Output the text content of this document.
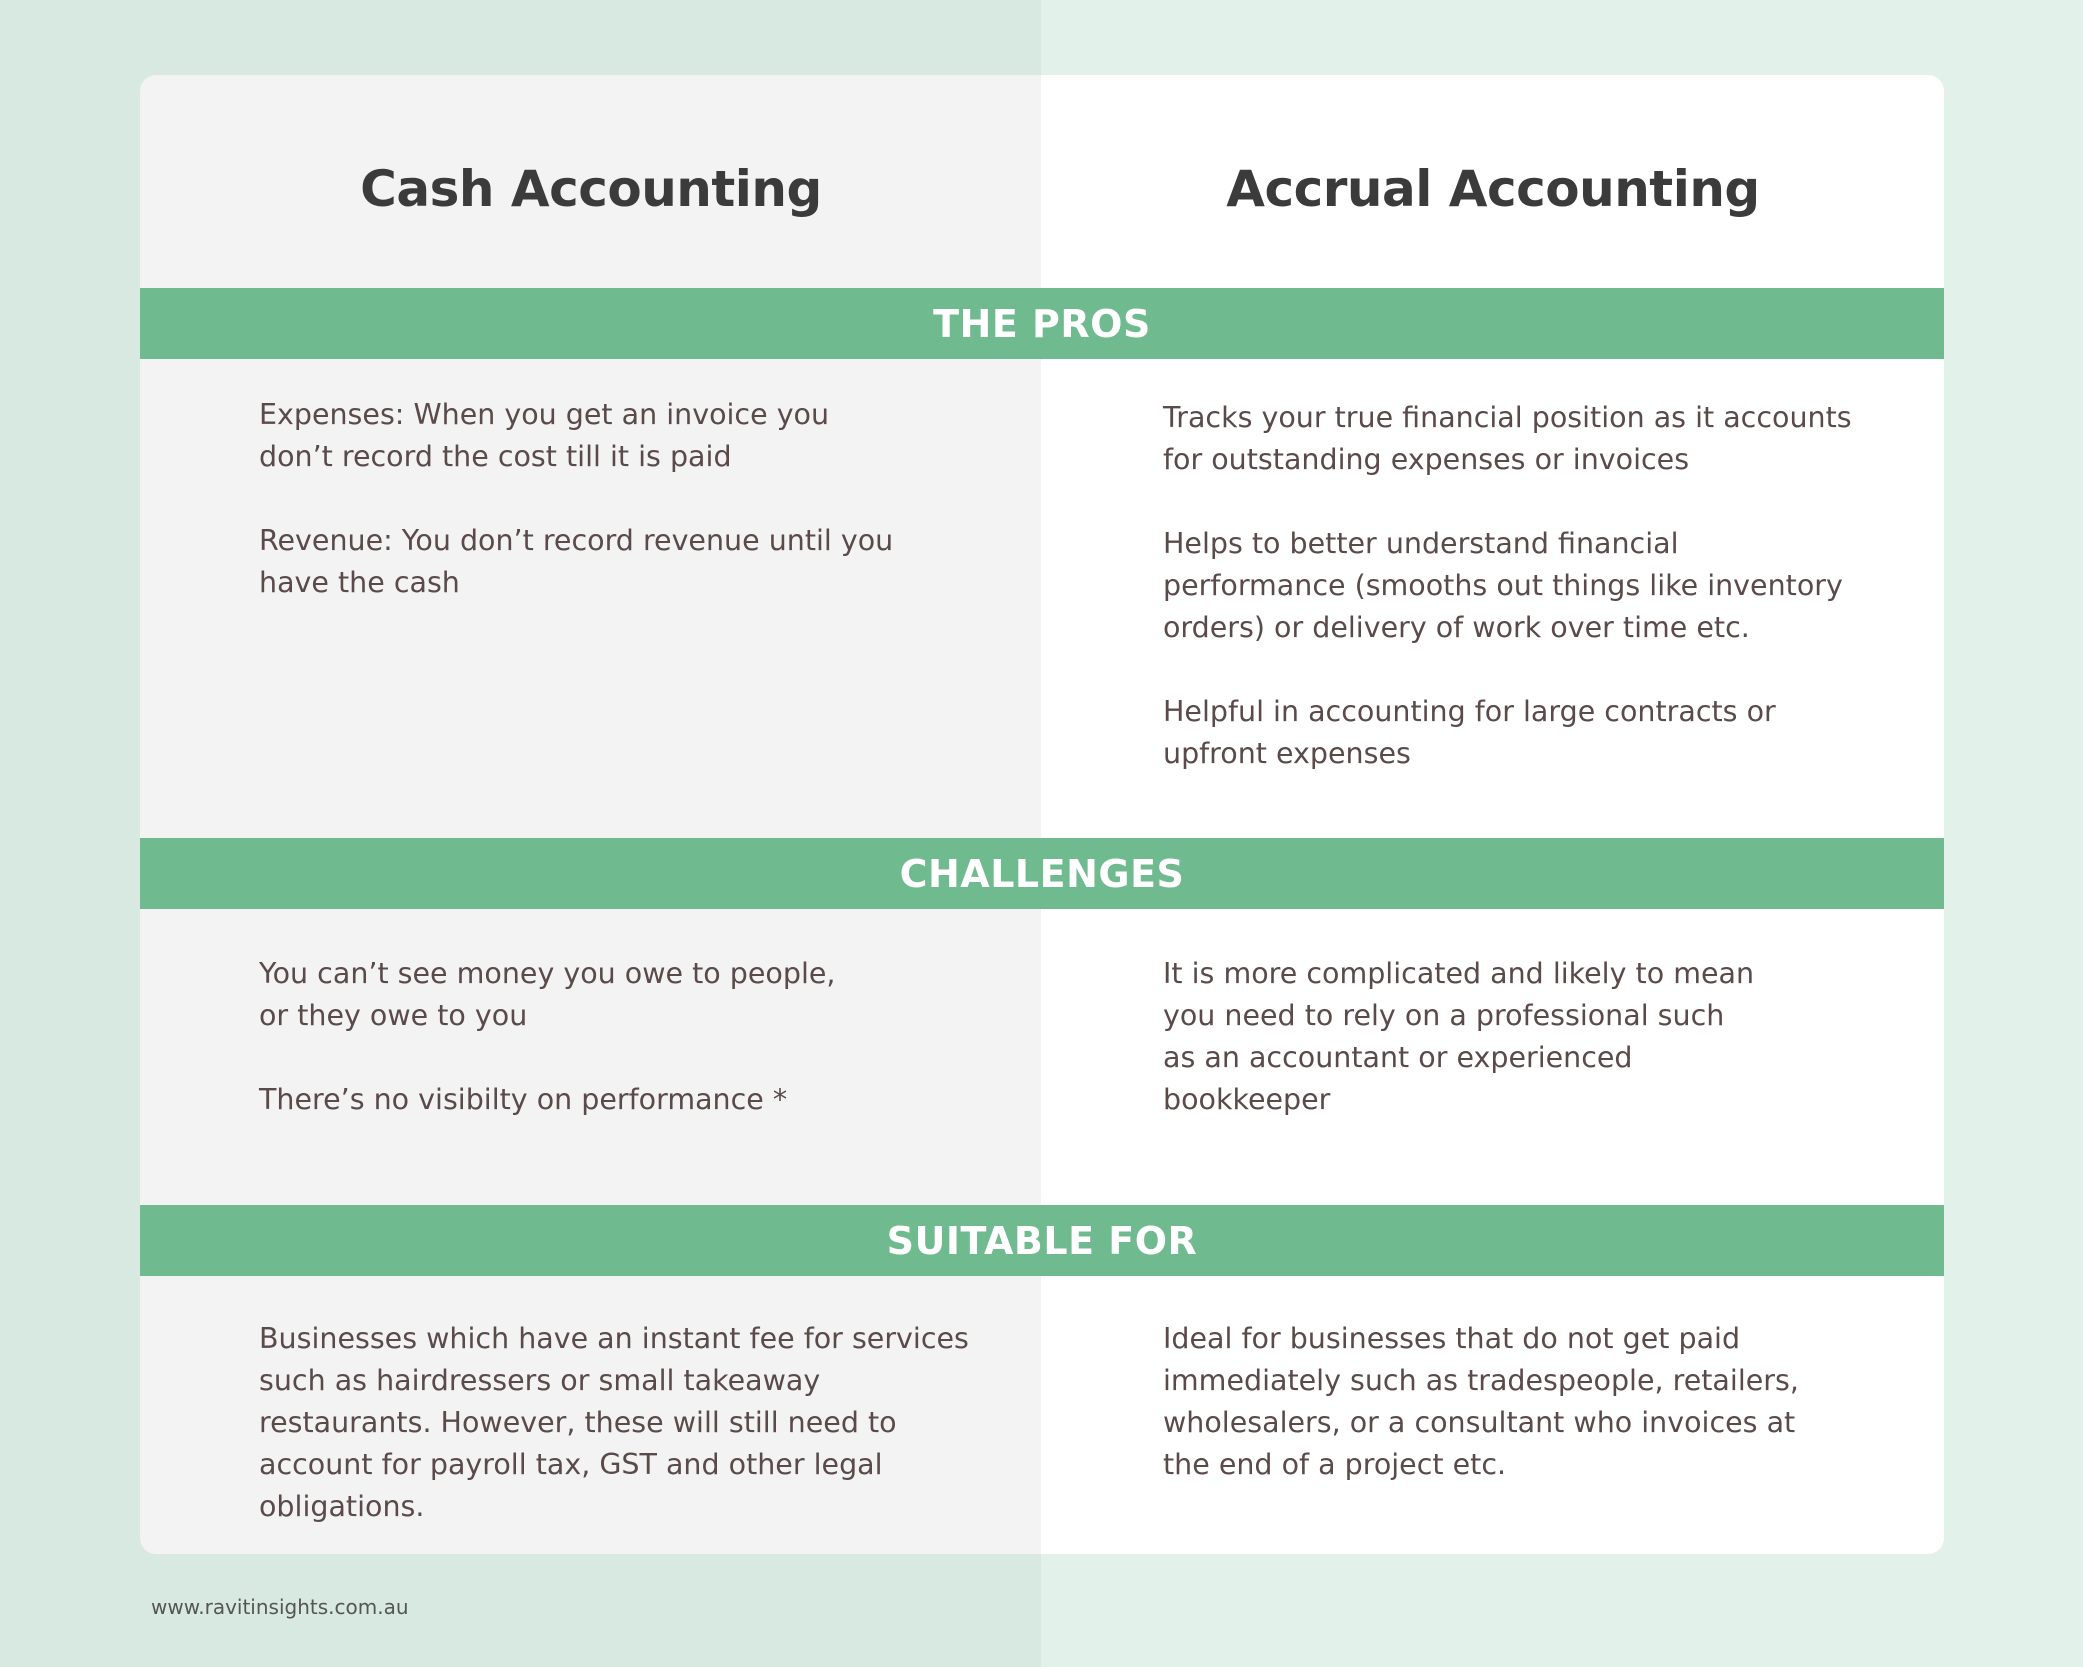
Cash Accounting	Accrual Accounting
THE PROS

Expenses: When you get an invoice you don’t record the cost till it is paid

Revenue: You don’t record revenue until you have the cash

Tracks your true financial position as it accounts for outstanding expenses or invoices

Helps to better understand financial performance (smooths out things like inventory orders) or delivery of work over time etc.

Helpful in accounting for large contracts or upfront expenses

CHALLENGES

You can’t see money you owe to people, or they owe to you

There’s no visibilty on performance *

It is more complicated and likely to mean you need to rely on a professional such as an accountant or experienced bookkeeper

SUITABLE FOR

Businesses which have an instant fee for services such as hairdressers or small takeaway restaurants. However, these will still need to account for payroll tax, GST and other legal obligations.

Ideal for businesses that do not get paid immediately such as tradespeople, retailers, wholesalers, or a consultant who invoices at the end of a project etc.

www.ravitinsights.com.au
